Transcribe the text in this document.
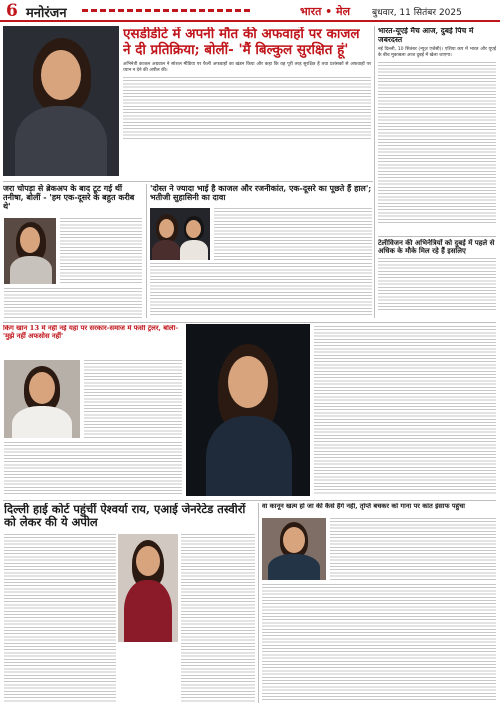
6 मनोरंजन	भारत • मेल बुधवार, 11 सितंबर 2025
एसडीडीटे में अपनी मौत की अफवाहों पर काजल ने दी प्रतिक्रिया; बोलीं- 'मैं बिल्कुल सुरक्षित हूं'
अभिनेत्री काजल अग्रवाल ने सोशल मीडिया पर फैली अफवाहों का खंडन किया और कहा कि वह पूरी तरह सुरक्षित हैं तथा प्रशंसकों से अफवाहों पर ध्यान न देने की अपील की।
भारत-यूएई मैच आज, दुबई पिच में जबरदस्त
नई दिल्ली, 10 सितंबर (न्यूज़ एजेंसी)। एशिया कप में भारत और यूएई के बीच मुकाबला आज दुबई में खेला जाएगा।
टेलीविजन की अभिनेत्रियों को दुबई में पहले से अधिक के मौके मिल रहे हैं इसलिए
जरा चोपड़ा से ब्रेकअप के बाद टूट गई थीं तनीषा, बोलीं - 'हम एक-दूसरे के बहुत करीब थे'
'दोस्त ने ज्यादा भाई है काजल और रजनीकांत, एक-दूसरे का पूछते हैं हाल'; भतीजी सुहासिनी का दावा
किंग खान 13 में नहीं नई यहां पर सरकार-समाज में फंसी ट्रेलर, बोलीं- 'मुझे नहीं अफसोस नहीं'
दिल्ली हाई कोर्ट पहुंचीं ऐश्वर्या राय, एआई जेनरेटेड तस्वीरों को लेकर की ये अपील
वा कानून खत्म हो जा की कैसे हैंगे नहीं, तृप्ति बचकर को गाना पर कांत इंसाफ पहुंचा
